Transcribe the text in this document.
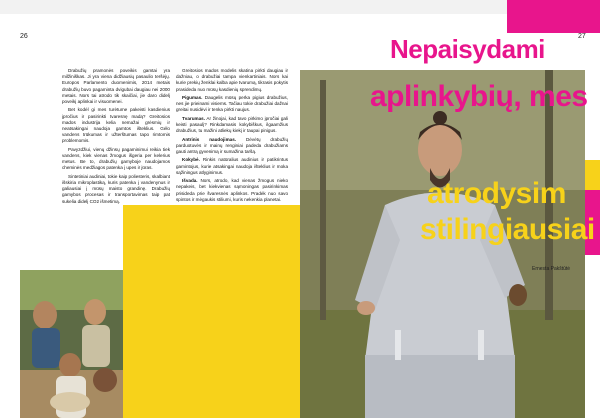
26	27

Drabužių pramonės poveikis gamtai yra milžiniškas. Ji yra viena didžiausių pasaulio teršėjų. Europos Parlamento duomenimis, 2014 metais drabužių buvo pagaminta dvigubai daugiau nei 2000 metais. Nors tai atrodo tik skaičiai, jie daro didelį poveikį aplinkai ir visuomenei.

Bet kodėl gi mes turėtume pakeisti kasdienius įpročius ir pasirinkti tvaresnę madą? Greitosios mados industrija kelia nemažai grėsmių ir neatsakingai naudoja gamtos išteklius. Gėlo vandens trūkumas ir užterštumas tapo rimtomis problemomis.

Pavyzdžiui, vienų džinsų pagaminimui reikia tiek vandens, kiek vienas žmogus išgeria per kelerius metus. Be to, drabužių gamyboje naudojamos cheminės medžiagos patenka į upes ir jūras.

Sintetiniai audiniai, tokie kaip poliesteris, skalbiant išskiria mikroplastiką, kuris patenka į vandenynus ir galiausiai į mūsų maisto grandinę. Drabužių gamybos procesas ir transportavimas taip pat sukelia didelį CO2 išmetimą.

Greitosios mados modelis skatina pirkti daugiau ir dažniau, o drabužiai tampa vienkartiniais. Nors kai kurie prekių ženklai kalba apie tvarumą, tikrasis pokytis prasideda nuo mūsų kasdienių sprendimų.

Pigumas. Daugelis mūsų perka pigius drabužius, nes jie prieinami visiems. Tačiau tokie drabužiai dažnai greitai nusidėvi ir tenka pirkti naujus.

Tvarumas. Ar žinojai, kad tavo pirkimo įpročiai gali keisti pasaulį? Rinkdamasis kokybiškus, ilgaamžius drabužius, tu mažini atliekų kiekį ir taupai pinigus.

Antrinis naudojimas. Dėvėtų drabužių parduotuvės ir mainų renginiai padeda drabužiams gauti antrą gyvenimą ir sumažina taršą.

Kokybė. Rinkis natūralius audinius ir patikrintus gamintojus, kurie atsakingai naudoja išteklius ir moka sąžiningus atlyginimus.

Išvada. Nors, atrodo, kad vienas žmogus nieko nepakeis, bet kiekvienas sąmoningas pasirinkimas prisideda prie švaresnės aplinkos. Pradėk nuo savo spintos ir mėgaukis stiliumi, kuris nekenkia planetai.

Nepaisydami
aplinkybių, mes
atrodysim
stilingiausiai
Ernesta Pakštūtė
